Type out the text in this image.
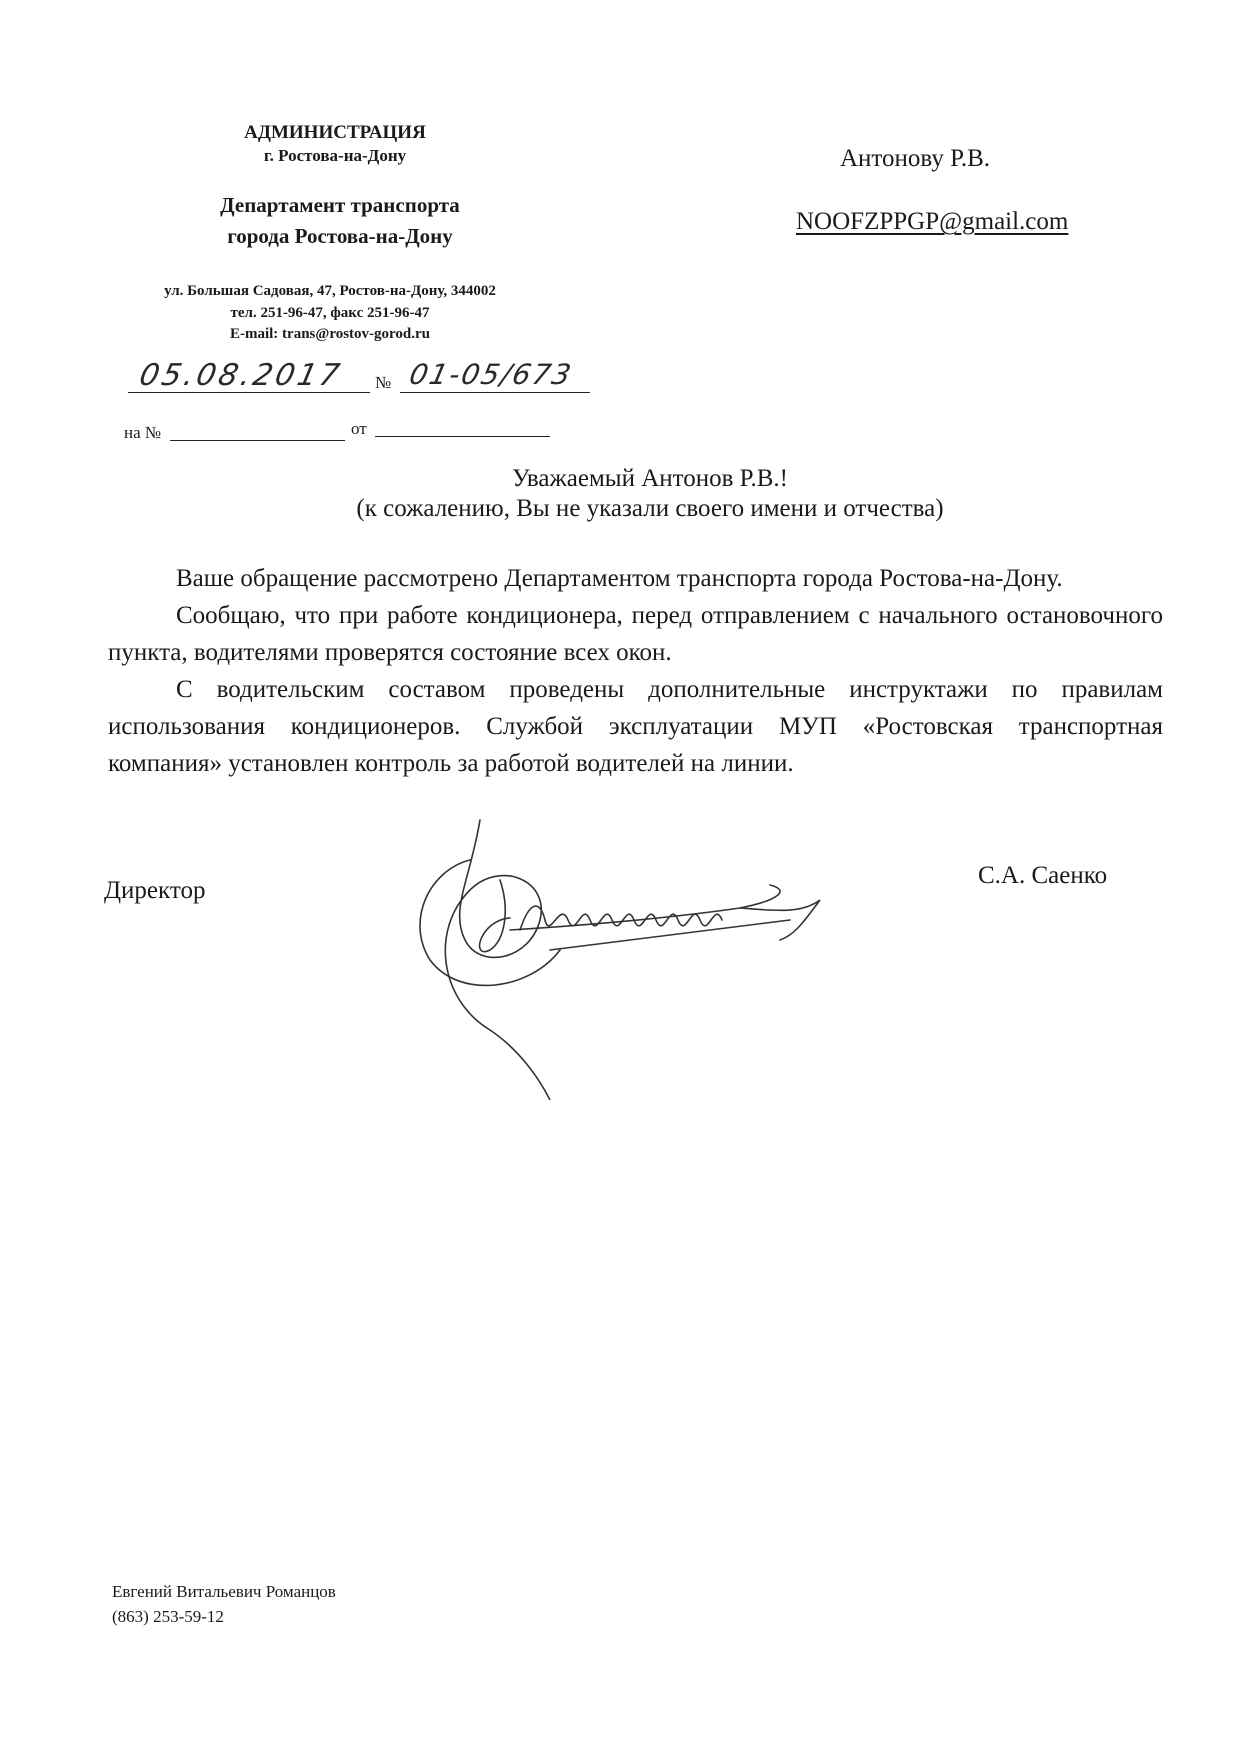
АДМИНИСТРАЦИЯ
г. Ростова-на-Дону
Департамент транспорта
города Ростова-на-Дону
ул. Большая Садовая, 47, Ростов-на-Дону, 344002
тел. 251-96-47, факс 251-96-47
E-mail: trans@rostov-gorod.ru
05.08.2017 № 01-05/673
на №	от
Антонову Р.В.
NOOFZPPGP@gmail.com
Уважаемый Антонов Р.В.!
(к сожалению, Вы не указали своего имени и отчества)

Ваше обращение рассмотрено Департаментом транспорта города Ростова-на-Дону.

Сообщаю, что при работе кондиционера, перед отправлением с начального остановочного пункта, водителями проверятся состояние всех окон.

С водительским составом проведены дополнительные инструктажи по правилам использования кондиционеров. Службой эксплуатации МУП «Ростовская транспортная компания» установлен контроль за работой водителей на линии.

Директор
С.А. Саенко
Евгений Витальевич Романцов
(863) 253-59-12
